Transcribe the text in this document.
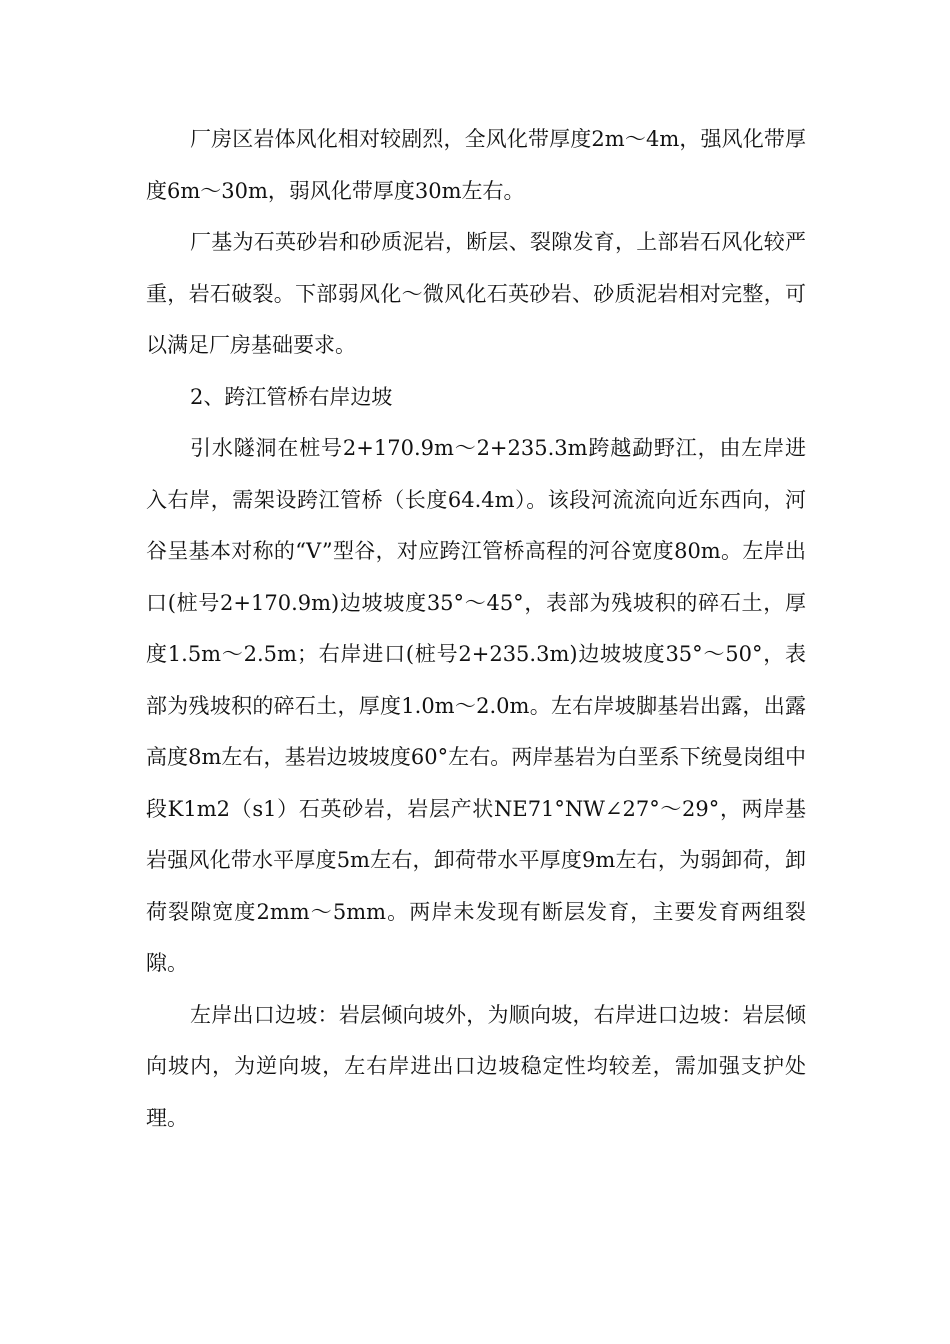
厂房区岩体风化相对较剧烈，全风化带厚度2m～4m，强风化带厚度6m～30m，弱风化带厚度30m左右。

厂基为石英砂岩和砂质泥岩，断层、裂隙发育，上部岩石风化较严重，岩石破裂。下部弱风化～微风化石英砂岩、砂质泥岩相对完整，可以满足厂房基础要求。

2、跨江管桥右岸边坡

引水隧洞在桩号2+170.9m～2+235.3m跨越勐野江，由左岸进入右岸，需架设跨江管桥（长度64.4m）。该段河流流向近东西向，河谷呈基本对称的“V”型谷，对应跨江管桥高程的河谷宽度80m。左岸出口(桩号2+170.9m)边坡坡度35°～45°，表部为残坡积的碎石土，厚度1.5m～2.5m；右岸进口(桩号2+235.3m)边坡坡度35°～50°，表部为残坡积的碎石土，厚度1.0m～2.0m。左右岸坡脚基岩出露，出露高度8m左右，基岩边坡坡度60°左右。两岸基岩为白垩系下统曼岗组中段K1m2（s1）石英砂岩，岩层产状NE71°NW∠27°～29°，两岸基岩强风化带水平厚度5m左右，卸荷带水平厚度9m左右，为弱卸荷，卸荷裂隙宽度2mm～5mm。两岸未发现有断层发育，主要发育两组裂隙。

左岸出口边坡：岩层倾向坡外，为顺向坡，右岸进口边坡：岩层倾向坡内，为逆向坡，左右岸进出口边坡稳定性均较差，需加强支护处理。
